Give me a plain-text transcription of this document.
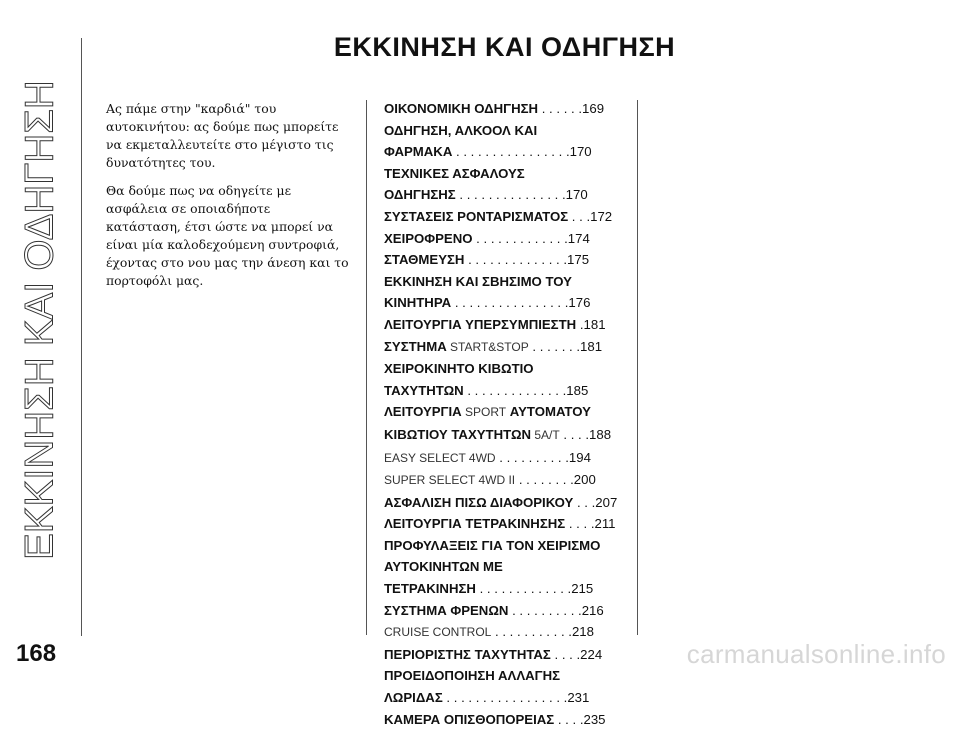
ΕΚΚΙΝΗΣΗ ΚΑΙ ΟΔΗΓΗΣΗ
ΕΚΚΙΝΗΣΗ ΚΑΙ ΟΔΗΓΗΣΗ

Ας πάμε στην "καρδιά" του
αυτοκινήτου: ας δούμε πως μπορείτε
να εκμεταλλευτείτε στο μέγιστο τις
δυνατότητες του.

Θα δούμε πως να οδηγείτε με
ασφάλεια σε οποιαδήποτε
κατάσταση, έτσι ώστε να μπορεί να
είναι μία καλοδεχούμενη συντροφιά,
έχοντας στο νου μας την άνεση και το
πορτοφόλι μας.

ΟΙΚΟΝΟΜΙΚΗ ΟΔΗΓΗΣΗ . . . . . .169
ΟΔΗΓΗΣΗ, ΑΛΚΟΟΛ ΚΑΙ
ΦΑΡΜΑΚΑ . . . . . . . . . . . . . . . .170
ΤΕΧΝΙΚΕΣ ΑΣΦΑΛΟΥΣ
ΟΔΗΓΗΣΗΣ . . . . . . . . . . . . . . .170
ΣΥΣΤΑΣΕΙΣ ΡΟΝΤΑΡΙΣΜΑΤΟΣ . . .172
ΧΕΙΡΟΦΡΕΝΟ . . . . . . . . . . . . .174
ΣΤΑΘΜΕΥΣΗ . . . . . . . . . . . . . .175
ΕΚΚΙΝΗΣΗ ΚΑΙ ΣΒΗΣΙΜΟ ΤΟΥ
ΚΙΝΗΤΗΡΑ . . . . . . . . . . . . . . . .176
ΛΕΙΤΟΥΡΓΙΑ ΥΠΕΡΣΥΜΠΙΕΣΤΗ .181
ΣΥΣΤΗΜΑ START&STOP . . . . . . .181
ΧΕΙΡΟΚΙΝΗΤΟ ΚΙΒΩΤΙΟ
ΤΑΧΥΤΗΤΩΝ . . . . . . . . . . . . . .185
ΛΕΙΤΟΥΡΓΙΑ SPORT ΑΥΤΟΜΑΤΟΥ
ΚΙΒΩΤΙΟΥ ΤΑΧΥΤΗΤΩΝ 5A/T . . . .188
EASY SELECT 4WD . . . . . . . . . .194
SUPER SELECT 4WD II . . . . . . . .200
ΑΣΦΑΛΙΣΗ ΠΙΣΩ ΔΙΑΦΟΡΙΚΟΥ . . .207
ΛΕΙΤΟΥΡΓΙΑ ΤΕΤΡΑΚΙΝΗΣΗΣ . . . .211
ΠΡΟΦΥΛΑΞΕΙΣ ΓΙΑ ΤΟΝ ΧΕΙΡΙΣΜΟ
ΑΥΤΟΚΙΝΗΤΩΝ ΜΕ
ΤΕΤΡΑΚΙΝΗΣΗ . . . . . . . . . . . . .215
ΣΥΣΤΗΜΑ ΦΡΕΝΩΝ . . . . . . . . . .216
CRUISE CONTROL . . . . . . . . . . .218
ΠΕΡΙΟΡΙΣΤΗΣ ΤΑΧΥΤΗΤΑΣ . . . .224
ΠΡΟΕΙΔΟΠΟΙΗΣΗ ΑΛΛΑΓΗΣ
ΛΩΡΙΔΑΣ . . . . . . . . . . . . . . . . .231
ΚΑΜΕΡΑ ΟΠΙΣΘΟΠΟΡΕΙΑΣ . . . .235
168	carmanualsonline.info
